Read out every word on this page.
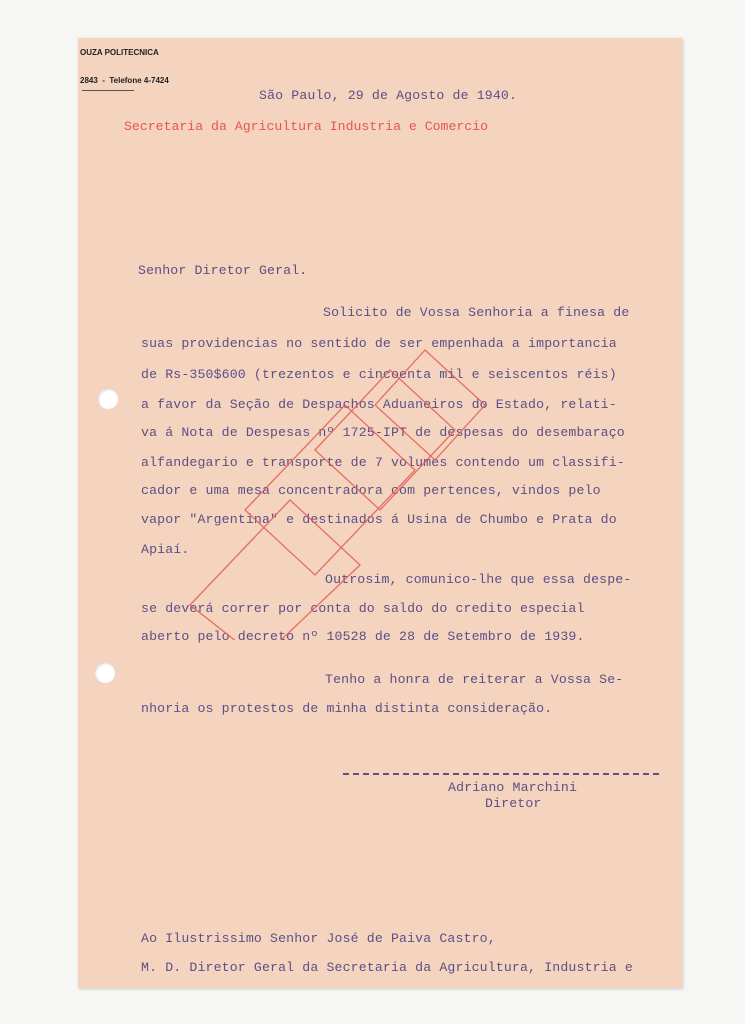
OUZA POLITECNICA
2843  -  Telefone 4-7424
São Paulo, 29 de Agosto de 1940.
Secretaria da Agricultura Industria e Comercio
Senhor Diretor Geral.
Solicito de Vossa Senhoria a finesa de
suas providencias no sentido de ser empenhada a importancia
de Rs-350$600 (trezentos e cincoenta mil e seiscentos réis)
a favor da Seção de Despachos Aduaneiros do Estado, relati-
va á Nota de Despesas nº 1725-IPT de despesas do desembaraço
alfandegario e transporte de 7 volumes contendo um classifi-
cador e uma mesa concentradora com pertences, vindos pelo
vapor "Argentina" e destinados á Usina de Chumbo e Prata do
Apiaí.
Outrosim, comunico-lhe que essa despe-
se deverá correr por conta do saldo do credito especial
aberto pelo decreto nº 10528 de 28 de Setembro de 1939.
Tenho a honra de reiterar a Vossa Se-
nhoria os protestos de minha distinta consideração.
Adriano Marchini
Diretor
Ao Ilustrissimo Senhor José de Paiva Castro,
M. D. Diretor Geral da Secretaria da Agricultura, Industria e
